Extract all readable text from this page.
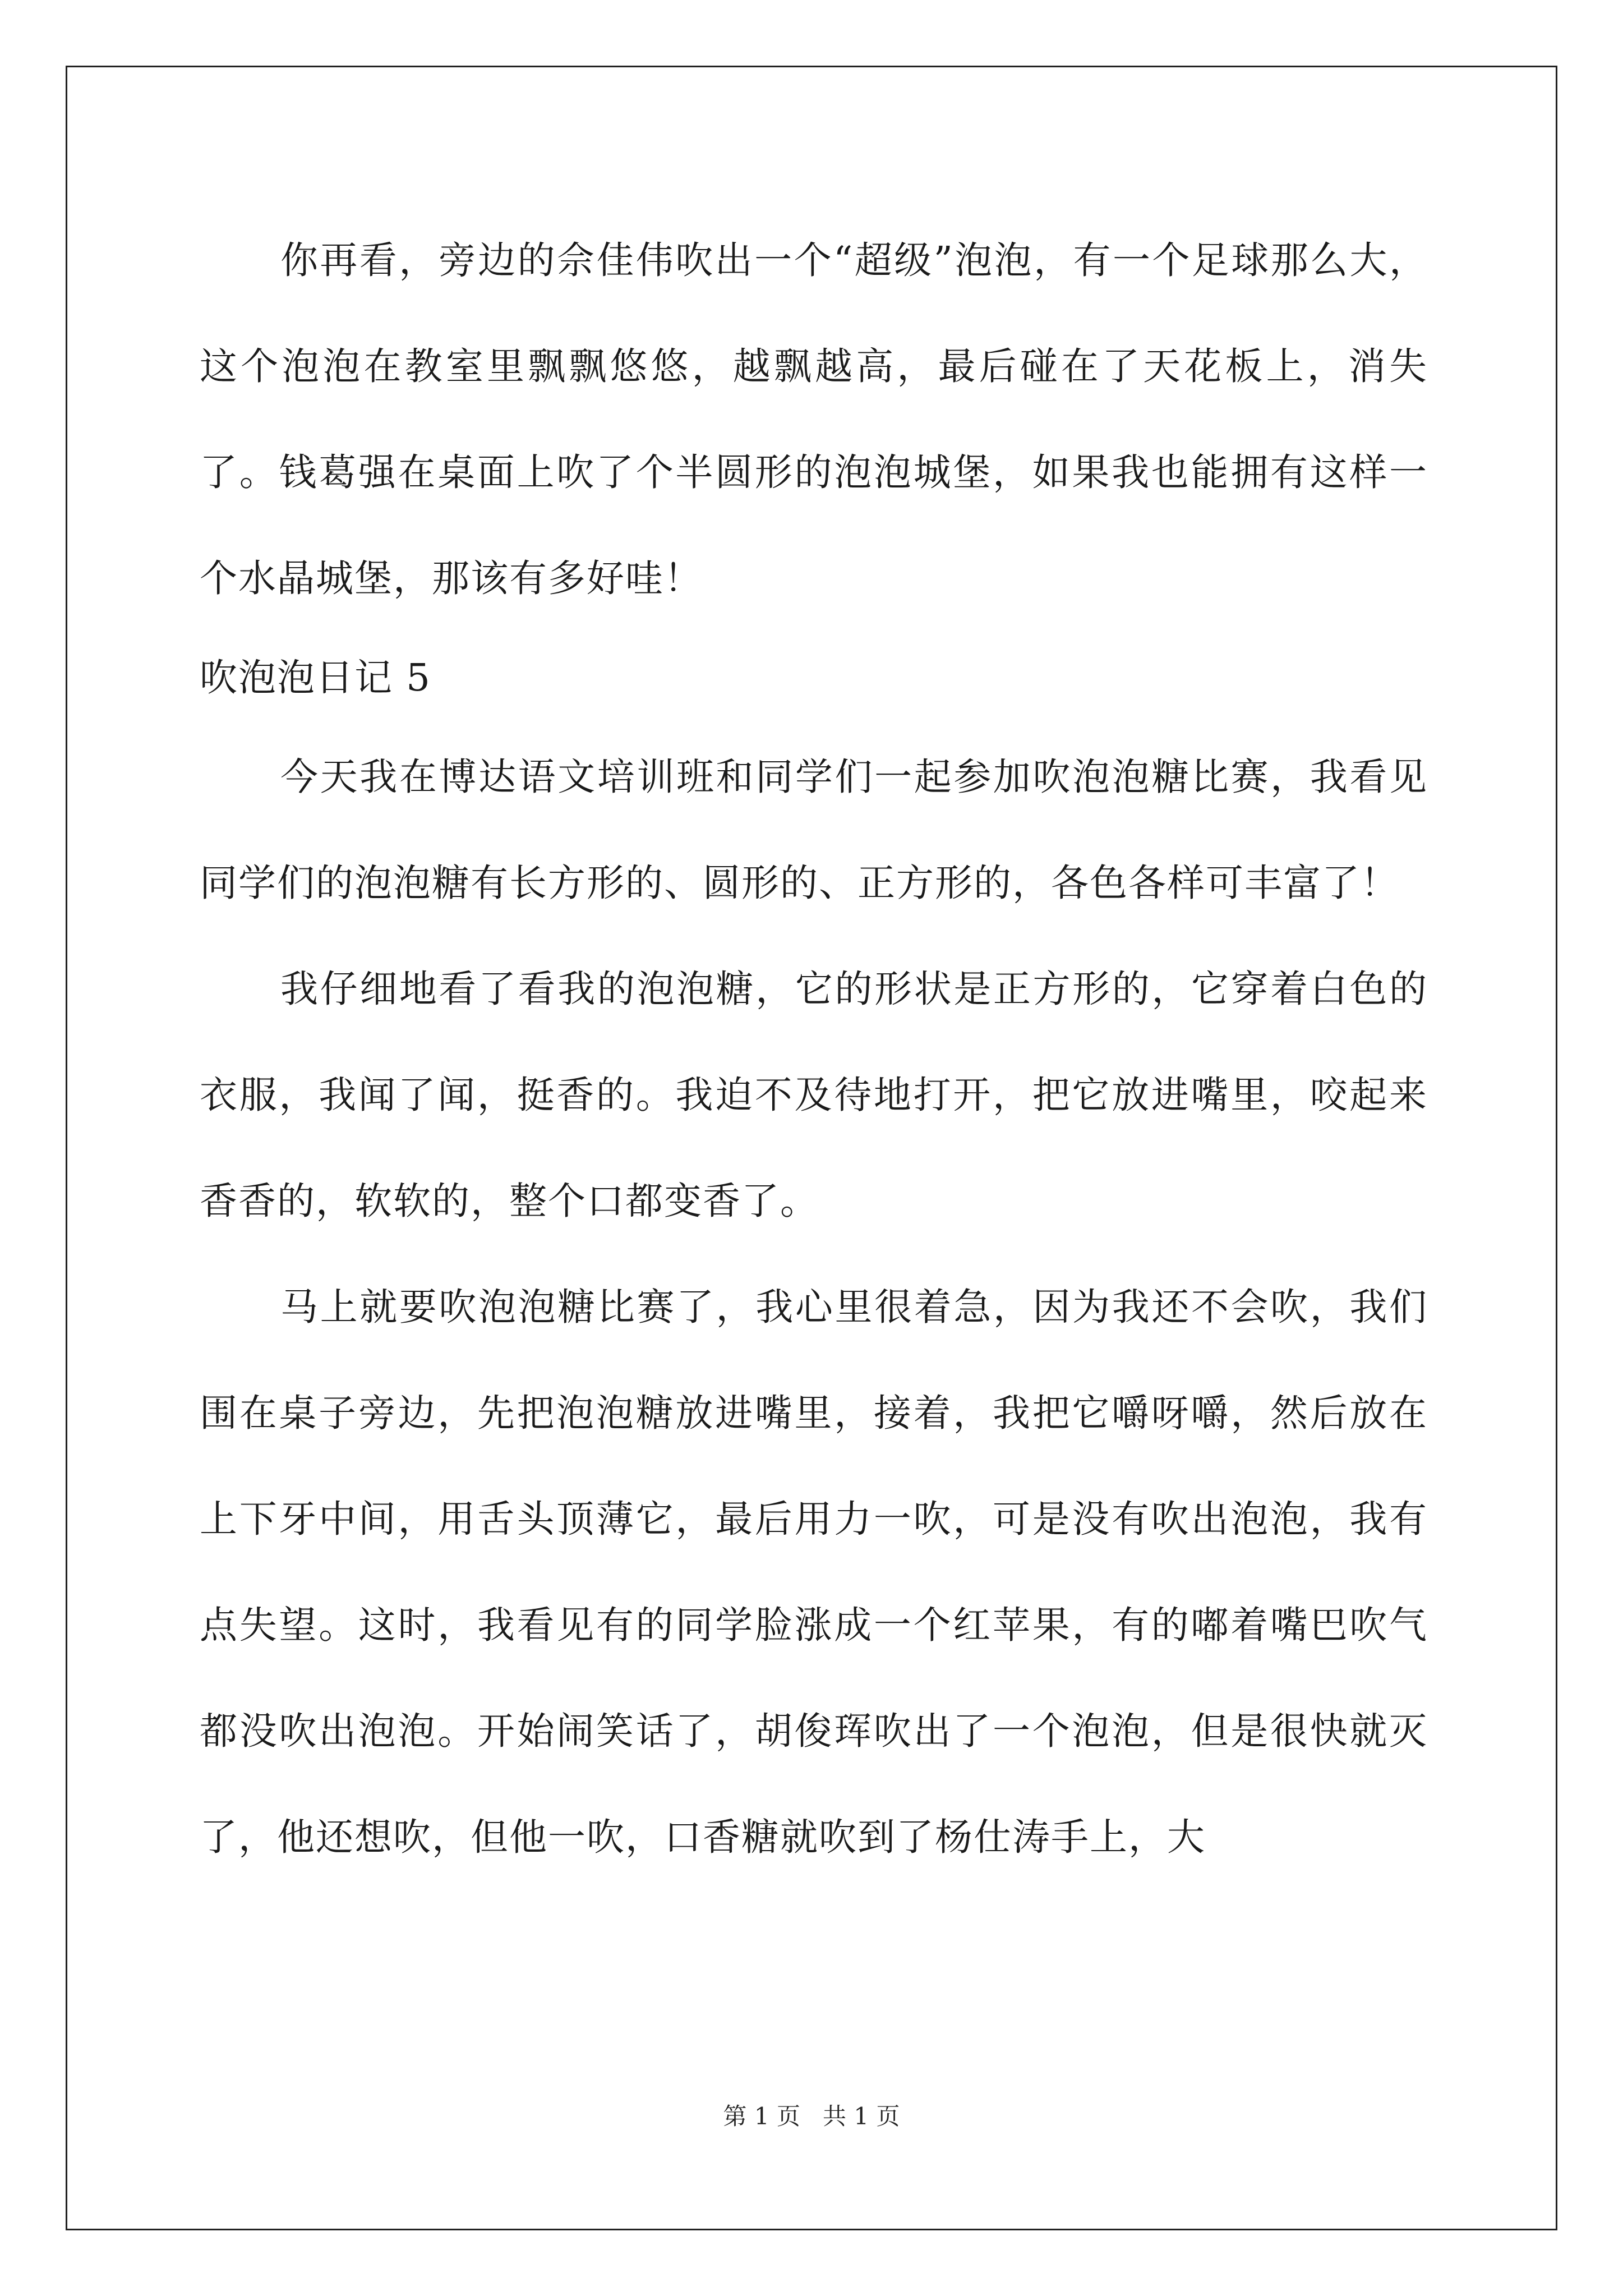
你再看，旁边的佘佳伟吹出一个“超级”泡泡，有一个足球那么大，这个泡泡在教室里飘飘悠悠，越飘越高，最后碰在了天花板上，消失了。钱葛强在桌面上吹了个半圆形的泡泡城堡，如果我也能拥有这样一个水晶城堡，那该有多好哇！

吹泡泡日记 5

今天我在博达语文培训班和同学们一起参加吹泡泡糖比赛，我看见同学们的泡泡糖有长方形的、圆形的、正方形的，各色各样可丰富了！

我仔细地看了看我的泡泡糖，它的形状是正方形的，它穿着白色的衣服，我闻了闻，挺香的。我迫不及待地打开，把它放进嘴里，咬起来香香的，软软的，整个口都变香了。

马上就要吹泡泡糖比赛了，我心里很着急，因为我还不会吹，我们围在桌子旁边，先把泡泡糖放进嘴里，接着，我把它嚼呀嚼，然后放在上下牙中间，用舌头顶薄它，最后用力一吹，可是没有吹出泡泡，我有点失望。这时，我看见有的同学脸涨成一个红苹果，有的嘟着嘴巴吹气都没吹出泡泡。开始闹笑话了，胡俊珲吹出了一个泡泡，但是很快就灭了，他还想吹，但他一吹，口香糖就吹到了杨仕涛手上，大

第 1 页   共 1 页
